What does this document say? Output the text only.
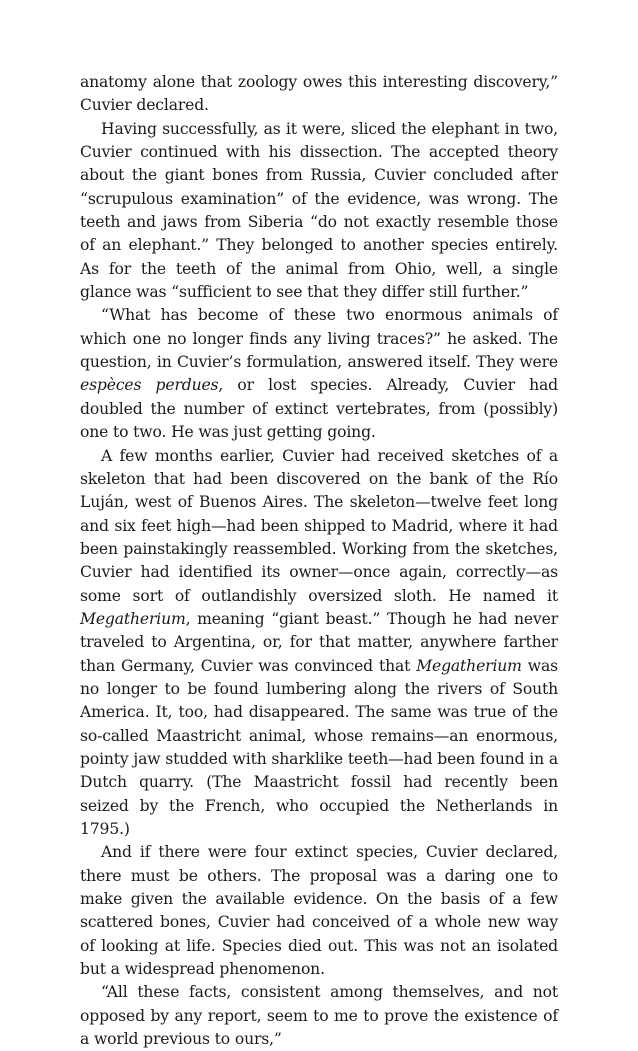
anatomy alone that zoology owes this interesting discovery,” Cuvier declared.

Having successfully, as it were, sliced the elephant in two, Cuvier continued with his dissection. The accepted theory about the giant bones from Russia, Cuvier concluded after “scrupulous examination” of the evidence, was wrong. The teeth and jaws from Siberia “do not exactly resemble those of an elephant.” They belonged to another species entirely. As for the teeth of the animal from Ohio, well, a single glance was “sufficient to see that they differ still further.”

“What has become of these two enormous animals of which one no longer finds any living traces?” he asked. The question, in Cuvier’s formulation, answered itself. They were espèces perdues, or lost species. Already, Cuvier had doubled the number of extinct vertebrates, from (possibly) one to two. He was just getting going.

A few months earlier, Cuvier had received sketches of a skeleton that had been discovered on the bank of the Río Luján, west of Buenos Aires. The skeleton—twelve feet long and six feet high—had been shipped to Madrid, where it had been painstakingly reassembled. Working from the sketches, Cuvier had identified its owner—once again, correctly—as some sort of outlandishly oversized sloth. He named it Megatherium, meaning “giant beast.” Though he had never traveled to Argentina, or, for that matter, anywhere farther than Germany, Cuvier was convinced that Megatherium was no longer to be found lumbering along the rivers of South America. It, too, had disappeared. The same was true of the so-called Maastricht animal, whose remains—an enormous, pointy jaw studded with sharklike teeth—had been found in a Dutch quarry. (The Maastricht fossil had recently been seized by the French, who occupied the Netherlands in 1795.)

And if there were four extinct species, Cuvier declared, there must be others. The proposal was a daring one to make given the available evidence. On the basis of a few scattered bones, Cuvier had conceived of a whole new way of looking at life. Species died out. This was not an isolated but a widespread phenomenon.

“All these facts, consistent among themselves, and not opposed by any report, seem to me to prove the existence of a world previous to ours,”
